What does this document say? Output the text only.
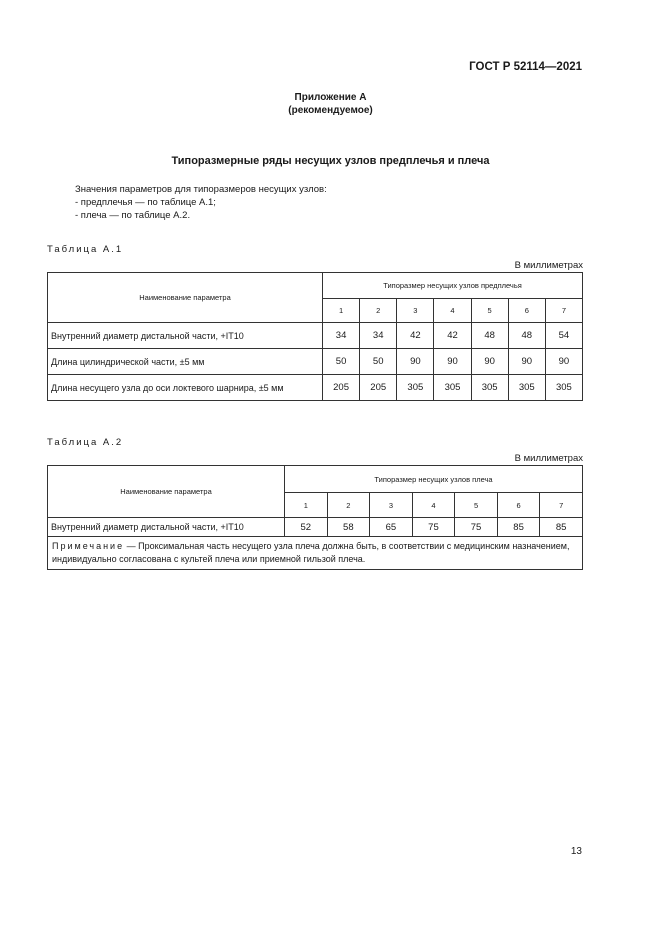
ГОСТ Р 52114—2021
Приложение А
(рекомендуемое)
Типоразмерные ряды несущих узлов предплечья и плеча
Значения параметров для типоразмеров несущих узлов:
- предплечья — по таблице А.1;
- плеча — по таблице А.2.
Таблица А.1
В миллиметрах
Наименование параметра	Типоразмер несущих узлов предплечья						
	1	2	3	4	5	6	7
Внутренний диаметр дистальной части, +IT10	34	34	42	42	48	48	54
Длина цилиндрической части, ±5 мм	50	50	90	90	90	90	90
Длина несущего узла до оси локтевого шарнира, ±5 мм	205	205	305	305	305	305	305
Таблица А.2
В миллиметрах
Наименование параметра	Типоразмер несущих узлов плеча						
	1	2	3	4	5	6	7
Внутренний диаметр дистальной части, +IT10	52	58	65	75	75	85	85
Примечание — Проксимальная часть несущего узла плеча должна быть, в соответствии с медицинским назначением, индивидуально согласована с культей плеча или приемной гильзой плеча.							
13
